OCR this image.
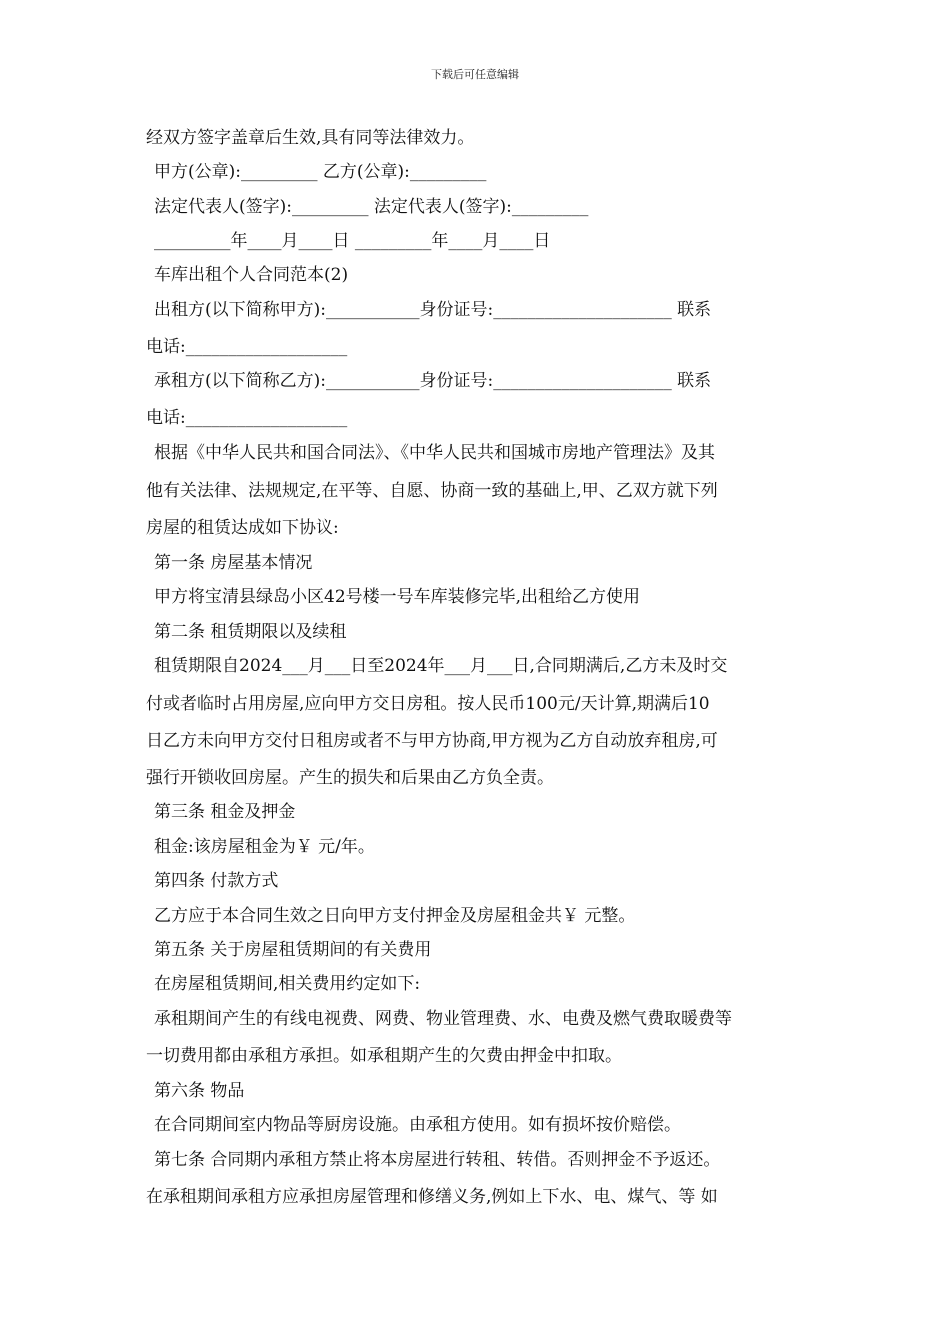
下载后可任意编辑
经双方签字盖章后生效,具有同等法律效力。
甲方(公章):_________ 乙方(公章):_________
法定代表人(签字):_________ 法定代表人(签字):_________
_________年____月____日 _________年____月____日
车库出租个人合同范本(2)
出租方(以下简称甲方):___________身份证号:_____________________ 联系
电话:___________________
承租方(以下简称乙方):___________身份证号:_____________________ 联系
电话:___________________
根据《中华人民共和国合同法》、《中华人民共和国城市房地产管理法》及其
他有关法律、法规规定,在平等、自愿、协商一致的基础上,甲、乙双方就下列
房屋的租赁达成如下协议:
第一条 房屋基本情况
甲方将宝清县绿岛小区42号楼一号车库装修完毕,出租给乙方使用
第二条 租赁期限以及续租
租赁期限自2024___月___日至2024年___月___日,合同期满后,乙方未及时交
付或者临时占用房屋,应向甲方交日房租。按人民币100元/天计算,期满后10
日乙方未向甲方交付日租房或者不与甲方协商,甲方视为乙方自动放弃租房,可
强行开锁收回房屋。产生的损失和后果由乙方负全责。
第三条 租金及押金
租金:该房屋租金为￥ 元/年。
第四条 付款方式
乙方应于本合同生效之日向甲方支付押金及房屋租金共￥ 元整。
第五条 关于房屋租赁期间的有关费用
在房屋租赁期间,相关费用约定如下:
承租期间产生的有线电视费、网费、物业管理费、水、电费及燃气费取暖费等
一切费用都由承租方承担。如承租期产生的欠费由押金中扣取。
第六条 物品
在合同期间室内物品等厨房设施。由承租方使用。如有损坏按价赔偿。
第七条 合同期内承租方禁止将本房屋进行转租、转借。否则押金不予返还。
在承租期间承租方应承担房屋管理和修缮义务,例如上下水、电、煤气、等 如
